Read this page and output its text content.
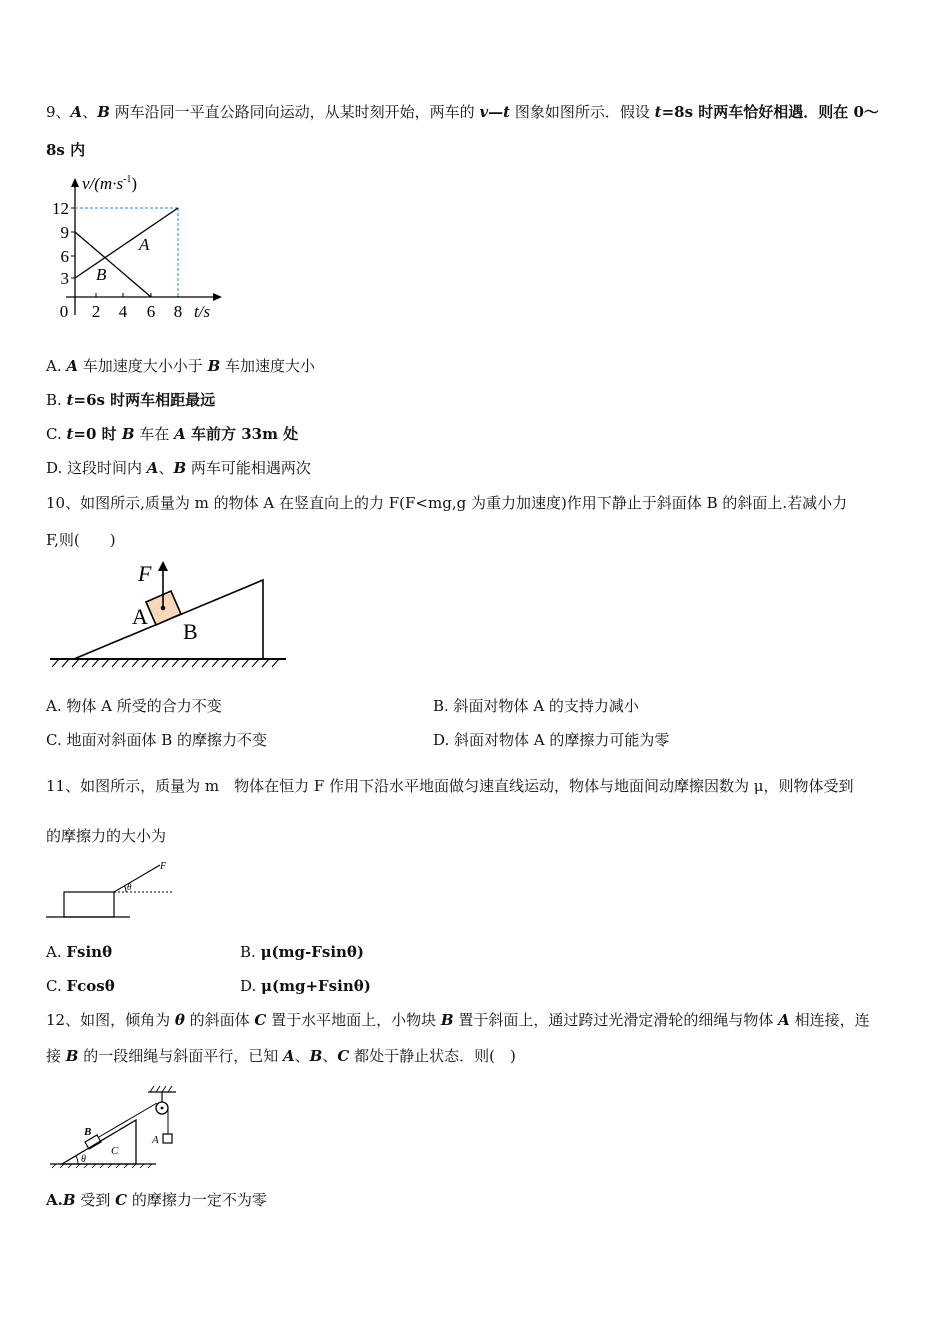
9、A、B 两车沿同一平直公路同向运动，从某时刻开始，两车的 v—t 图象如图所示．假设 t=8s 时两车恰好相遇．则在 0～
8s 内
$v/(m\cdot s^{-1})$
12
9
6
3
0 2 4 6 8 t/s
A
B
A. A 车加速度大小小于 B 车加速度大小
B. t=6s 时两车相距最远
C. t=0 时 B 车在 A 车前方 33m 处
D. 这段时间内 A、B 两车可能相遇两次
10、如图所示,质量为 m 的物体 A 在竖直向上的力 F(F<mg,g 为重力加速度)作用下静止于斜面体 B 的斜面上.若减小力
F,则(　　)
F
A
B
A. 物体 A 所受的合力不变	B. 斜面对物体 A 的支持力减小
C. 地面对斜面体 B 的摩擦力不变	D. 斜面对物体 A 的摩擦力可能为零
11、如图所示，质量为 m　物体在恒力 F 作用下沿水平地面做匀速直线运动，物体与地面间动摩擦因数为 μ，则物体受到
的摩擦力的大小为
F
θ
A. Fsinθ	B. μ(mg-Fsinθ)
C. Fcosθ	D. μ(mg+Fsinθ)
12、如图，倾角为 θ 的斜面体 C 置于水平地面上，小物块 B 置于斜面上，通过跨过光滑定滑轮的细绳与物体 A 相连接，连
接 B 的一段细绳与斜面平行，已知 A、B、C 都处于静止状态．则(　)
A
B
C
θ
A.B 受到 C 的摩擦力一定不为零
